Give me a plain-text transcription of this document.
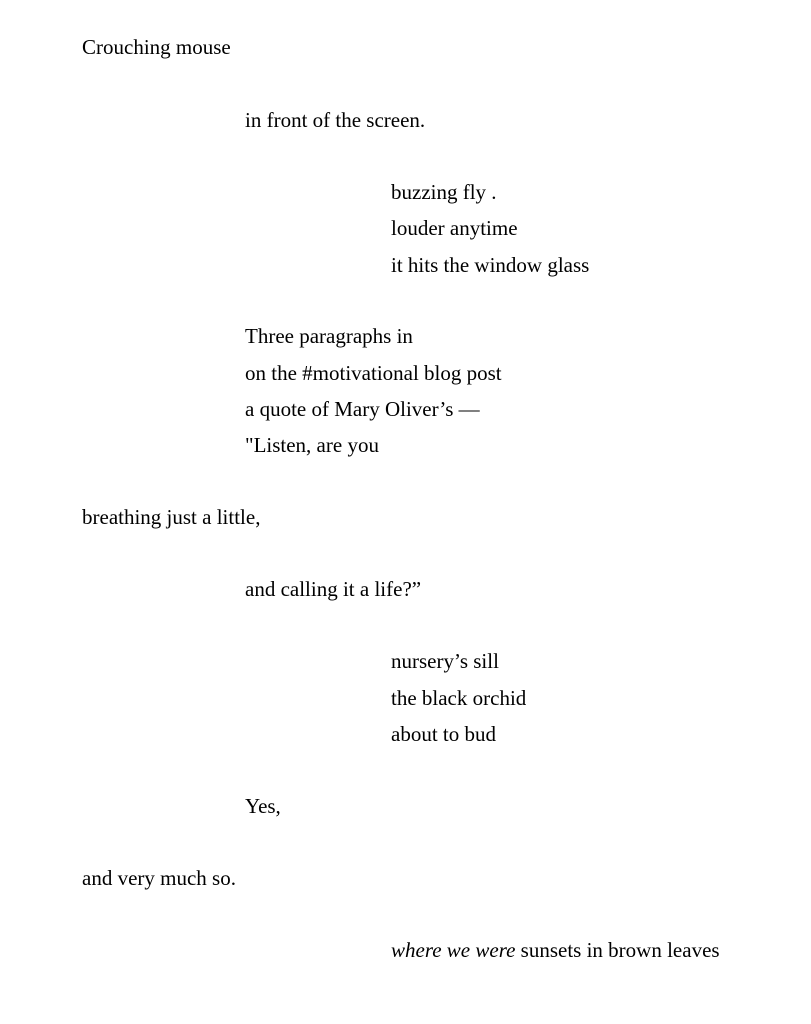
Crouching mouse
in front of the screen.
buzzing fly .
louder anytime
it hits the window glass
Three paragraphs in
on the #motivational blog post
a quote of Mary Oliver’s —
"Listen, are you
breathing just a little,
and calling it a life?”
nursery’s sill
the black orchid
about to bud
Yes,
and very much so.
where we were sunsets in brown leaves
